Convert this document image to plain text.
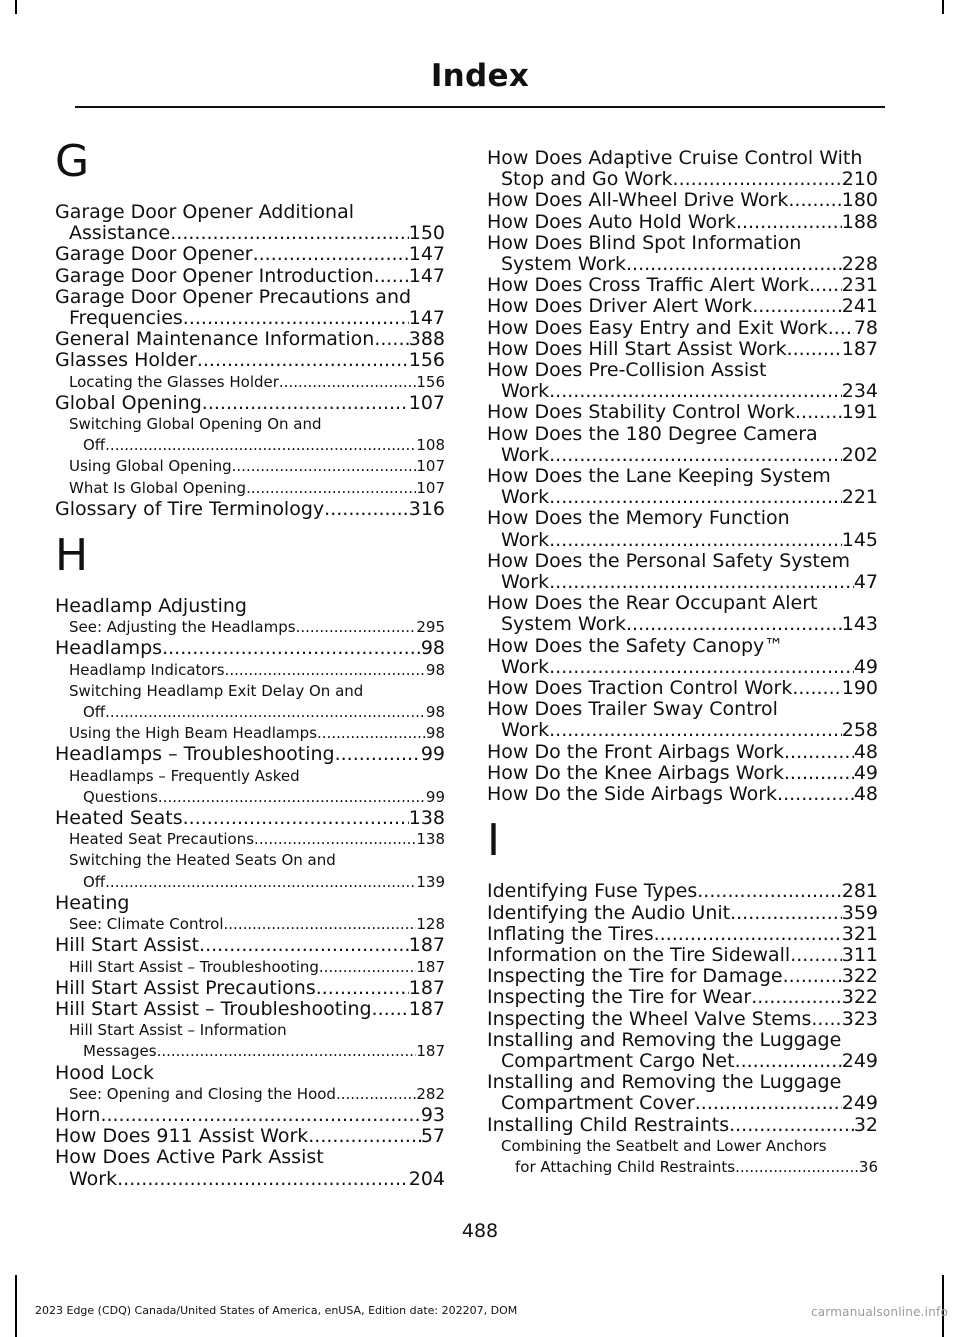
Index
G
Garage Door Opener Additional
Assistance .....	150
Garage Door Opener .....	147
Garage Door Opener Introduction ..... 147
Garage Door Opener Precautions and
Frequencies .....	147
General Maintenance Information ..... 388
Glasses Holder .....	156
Locating the Glasses Holder .....	156
Global Opening .....	107
Switching Global Opening On and
Off .....	108
Using Global Opening .....	107
What Is Global Opening .....	107
Glossary of Tire Terminology .....	316
H
Headlamp Adjusting
See: Adjusting the Headlamps .....	295
Headlamps .....	98
Headlamp Indicators .....	98
Switching Headlamp Exit Delay On and
Off .....	98
Using the High Beam Headlamps .....	98
Headlamps – Troubleshooting .....	99
Headlamps – Frequently Asked
Questions .....	99
Heated Seats .....	138
Heated Seat Precautions .....	138
Switching the Heated Seats On and
Off .....	139
Heating
See: Climate Control .....	128
Hill Start Assist .....	187
Hill Start Assist – Troubleshooting .....	187
Hill Start Assist Precautions .....	187
Hill Start Assist – Troubleshooting ..... 187
Hill Start Assist – Information
Messages .....	187
Hood Lock
See: Opening and Closing the Hood .....	282
Horn .....	93
How Does 911 Assist Work .....	57
How Does Active Park Assist
Work .....	204
How Does Adaptive Cruise Control With
Stop and Go Work .....	210
How Does All-Wheel Drive Work .....	180
How Does Auto Hold Work .....	188
How Does Blind Spot Information
System Work .....	228
How Does Cross Traffic Alert Work ..... 231
How Does Driver Alert Work .....	241
How Does Easy Entry and Exit Work ..... 78
How Does Hill Start Assist Work .....	187
How Does Pre-Collision Assist
Work .....	234
How Does Stability Control Work ..... 191
How Does the 180 Degree Camera
Work .....	202
How Does the Lane Keeping System
Work .....	221
How Does the Memory Function
Work .....	145
How Does the Personal Safety System
Work .....	47
How Does the Rear Occupant Alert
System Work .....	143
How Does the Safety Canopy™
Work .....	49
How Does Traction Control Work .....	190
How Does Trailer Sway Control
Work .....	258
How Do the Front Airbags Work .....	48
How Do the Knee Airbags Work .....	49
How Do the Side Airbags Work .....	48
I
Identifying Fuse Types .....	281
Identifying the Audio Unit .....	359
Inflating the Tires .....	321
Information on the Tire Sidewall .....	311
Inspecting the Tire for Damage .....	322
Inspecting the Tire for Wear .....	322
Inspecting the Wheel Valve Stems ..... 323
Installing and Removing the Luggage
Compartment Cargo Net .....	249
Installing and Removing the Luggage
Compartment Cover .....	249
Installing Child Restraints .....	32
Combining the Seatbelt and Lower Anchors
for Attaching Child Restraints .....	36
488
2023 Edge (CDQ) Canada/United States of America, enUSA, Edition date: 202207, DOM	carmanualsonline.info
